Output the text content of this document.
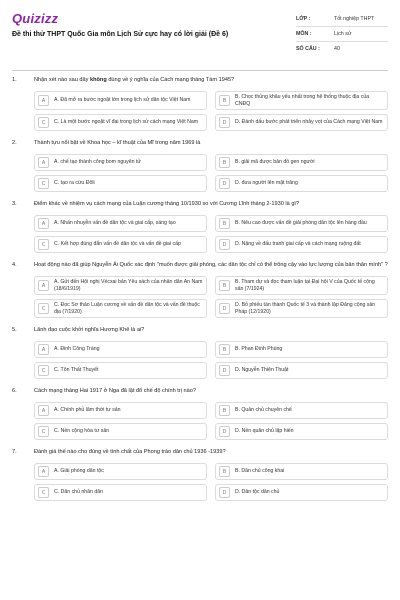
Quizizz
Đề thi thử THPT Quốc Gia môn Lịch Sử cực hay có lời giải (Đề 6)
LỚP :	Tốt nghiệp THPT
MÔN :	Lịch sử
SỐ CÂU :	40
1.	Nhận xét nào sau đây không đúng về ý nghĩa của Cách mạng tháng Tám 1945?
A	A. Đã mở ra bước ngoặt lớn trong lịch sử dân tộc Việt Nam	B
B. Chọc thủng khâu yếu nhất trong hệ thống thuộc địa của CNĐQ
C	C. Là một bước ngoặt vĩ đại trong lịch sử cách mạng Việt Nam	D	D. Đánh dấu bước phát triển nhảy vọt của Cách mạng Việt Nam
2.	Thành tựu nổi bật về Khoa học – kĩ thuật của Mĩ trong năm 1969 là
A	A. chế tạo thành công bom nguyên tử	B	B. giải mã được bản đồ gen người
C	C. tạo ra cừu Đôli	D	D. đưa người lên mặt trăng
3.	Điểm khác về nhiệm vụ cách mạng của Luận cương tháng 10/1930 so với Cương Lĩnh tháng 2-1930 là gì?
A	A. Nhấn nhuyễn vấn đề dân tộc và giai cấp, sáng tạo	B	B. Nêu cao được vấn đề giải phóng dân tộc lên hàng đầu
C	C. Kết hợp đúng đắn vấn đề dân tộc và vấn đề giai cấp	D	D. Nặng về đấu tranh giai cấp và cách mạng ruộng đất
4.	Hoạt động nào đã giúp Nguyễn Ái Quốc xác định "muốn được giải phóng, các dân tộc chỉ có thể trông cậy vào lực lượng của bản thân mình" ?
A
A. Gửi đến Hội nghị Vécxai bản Yêu sách của nhân dân An Nam (18/6/1919)	B
B. Tham dự và đọc tham luận tại Đại hội V của Quốc tế cộng sản (7/1924)
C
C. Đọc Sơ thảo Luận cương về vấn đề dân tộc và vấn đề thuộc địa (7/1920)	D
D. Bỏ phiếu tán thành Quốc tế 3 và thành lập Đảng cộng sản Pháp (12/1920)
5.	Lãnh đạo cuộc khởi nghĩa Hương Khê là ai?
A	A. Đinh Công Tráng	B	B. Phan Đình Phùng
C	C. Tôn Thất Thuyết	D	D. Nguyễn Thiện Thuật
6.	Cách mạng tháng Hai 1917 ở Nga đã lật đổ chế độ chính trị nào?
A	A. Chính phủ lâm thời tư sản	B	B. Quân chủ chuyên chế
C	C. Nền cộng hòa tư sản	D	D. Nền quân chủ lập hiến
7.	Đánh giá thế nào cho đúng về tính chất của Phong trào dân chủ 1936 -1939?
A	A. Giải phóng dân tộc	B	B. Dân chủ công khai
C	C. Dân chủ nhân dân	D	D. Dân tộc dân chủ
